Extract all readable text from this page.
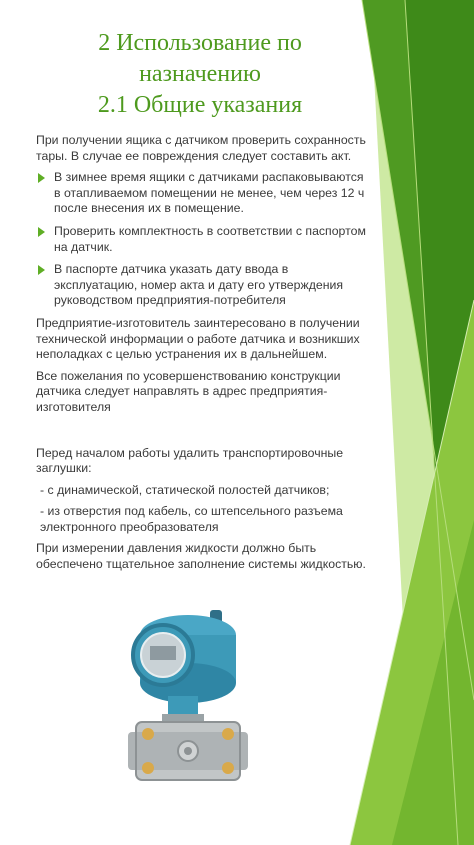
2 Использование по
назначению
2.1 Общие указания

При получении ящика с датчиком проверить сохранность тары. В случае ее повреждения следует составить акт.

В зимнее время ящики с датчиками распаковываются в отапливаемом помещении не менее, чем через 12 ч после внесения их в помещение.
Проверить комплектность в соответствии с паспортом на датчик.
В паспорте датчика указать дату ввода в эксплуатацию, номер акта и дату его утверждения руководством предприятия-потребителя

Предприятие-изготовитель заинтересовано в получении технической информации о работе датчика и возникших неполадках с целью устранения их в дальнейшем.

Все пожелания по усовершенствованию конструкции датчика следует направлять в адрес предприятия-изготовителя

Перед началом работы удалить транспортировочные заглушки:

- с динамической, статической полостей датчиков;

- из отверстия под кабель, со штепсельного разъема электронного преобразователя

При измерении давления жидкости должно быть обеспечено тщательное заполнение системы жидкостью.
